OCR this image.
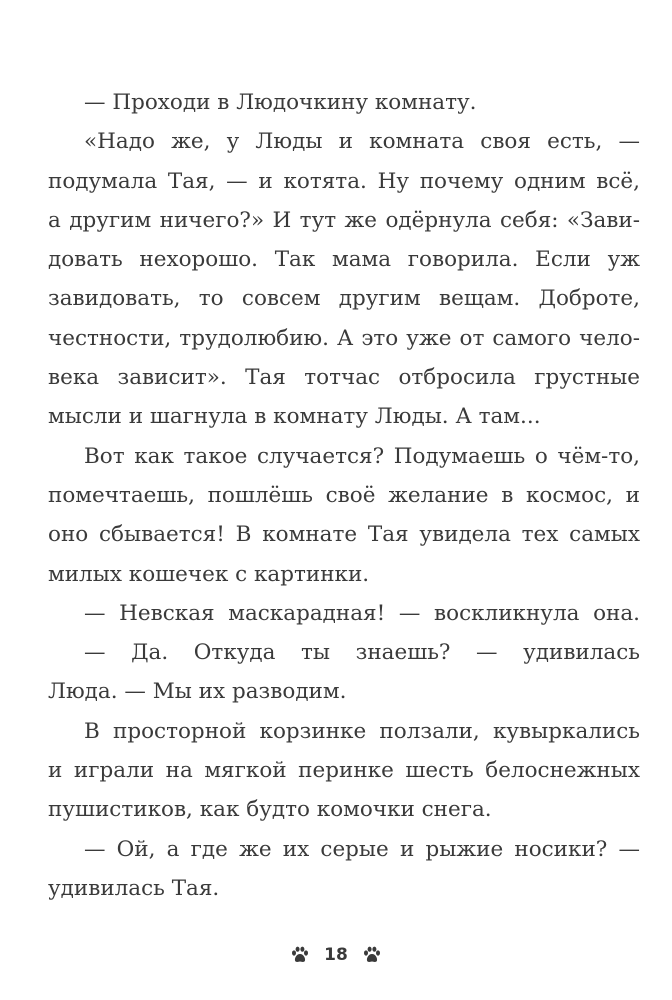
— Проходи в Людочкину комнату.
«Надо же, у Люды и комната своя есть, —
подумала Тая, — и котята. Ну почему одним всё,
а другим ничего?» И тут же одёрнула себя: «Зави-
довать нехорошо. Так мама говорила. Если уж
завидовать, то совсем другим вещам. Доброте,
честности, трудолюбию. А это уже от самого чело-
века зависит». Тая тотчас отбросила грустные
мысли и шагнула в комнату Люды. А там...
Вот как такое случается? Подумаешь о чём-то,
помечтаешь, пошлёшь своё желание в космос, и
оно сбывается! В комнате Тая увидела тех самых
милых кошечек с картинки.
— Невская маскарадная! — воскликнула она.
— Да. Откуда ты знаешь? — удивилась
Люда. — Мы их разводим.
В просторной корзинке ползали, кувыркались
и играли на мягкой перинке шесть белоснежных
пушистиков, как будто комочки снега.
— Ой, а где же их серые и рыжие носики? —
удивилась Тая.
18
